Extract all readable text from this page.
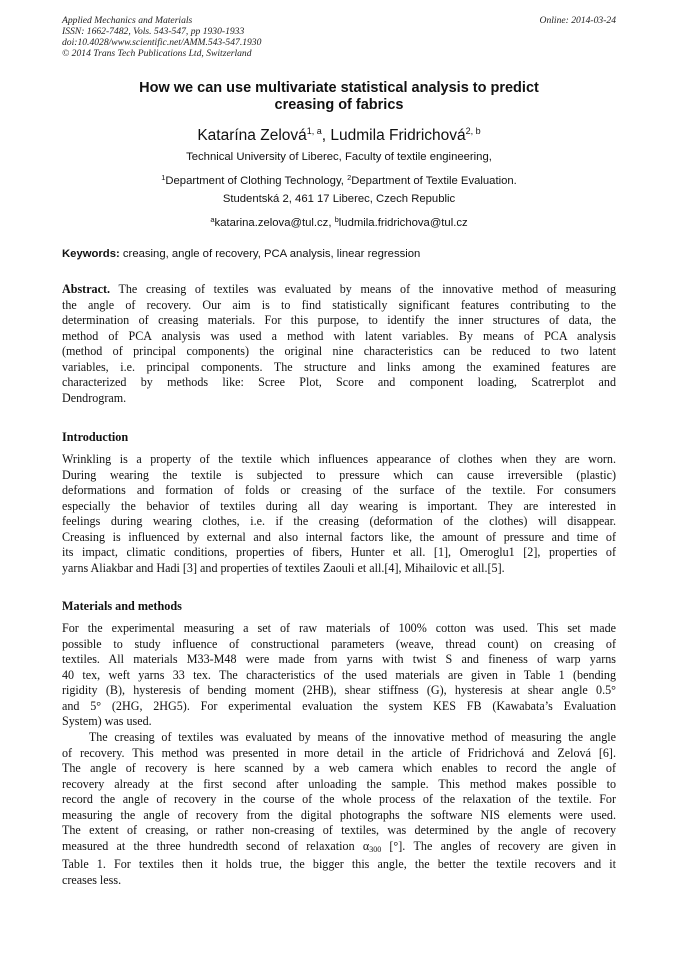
Applied Mechanics and Materials
ISSN: 1662-7482, Vols. 543-547, pp 1930-1933
doi:10.4028/www.scientific.net/AMM.543-547.1930
© 2014 Trans Tech Publications Ltd, Switzerland
Online: 2014-03-24
How we can use multivariate statistical analysis to predict
creasing of fabrics
Katarína Zelová$^{1, a}$, Ludmila Fridrichová$^{2, b}$
Technical University of Liberec, Faculty of textile engineering,
$^1$Department of Clothing Technology, $^2$Department of Textile Evaluation.
Studentská 2, 461 17 Liberec, Czech Republic
$^a$katarina.zelova@tul.cz, $^b$ludmila.fridrichova@tul.cz
Keywords: creasing, angle of recovery, PCA analysis, linear regression
Abstract. The creasing of textiles was evaluated by means of the innovative method of measuring
the angle of recovery. Our aim is to find statistically significant features contributing to the
determination of creasing materials. For this purpose, to identify the inner structures of data, the
method of PCA analysis was used a method with latent variables. By means of PCA analysis
(method of principal components) the original nine characteristics can be reduced to two latent
variables, i.e. principal components. The structure and links among the examined features are
characterized by methods like: Scree Plot, Score and component loading, Scatrerplot and
Dendrogram.
Introduction
Wrinkling is a property of the textile which influences appearance of clothes when they are worn.
During wearing the textile is subjected to pressure which can cause irreversible (plastic)
deformations and formation of folds or creasing of the surface of the textile. For consumers
especially the behavior of textiles during all day wearing is important. They are interested in
feelings during wearing clothes, i.e. if the creasing (deformation of the clothes) will disappear.
Creasing is influenced by external and also internal factors like, the amount of pressure and time of
its impact, climatic conditions, properties of fibers, Hunter et all. [1], Omeroglu1 [2], properties of
yarns Aliakbar and Hadi [3] and properties of textiles Zaouli et all.[4], Mihailovic et all.[5].
Materials and methods
For the experimental measuring a set of raw materials of 100% cotton was used. This set made
possible to study influence of constructional parameters (weave, thread count) on creasing of
textiles. All materials M33-M48 were made from yarns with twist S and fineness of warp yarns
40 tex, weft yarns 33 tex. The characteristics of the used materials are given in Table 1 (bending
rigidity (B), hysteresis of bending moment (2HB), shear stiffness (G), hysteresis at shear angle 0.5°
and 5° (2HG, 2HG5). For experimental evaluation the system KES FB (Kawabata’s Evaluation
System) was used.
The creasing of textiles was evaluated by means of the innovative method of measuring the angle
of recovery. This method was presented in more detail in the article of Fridrichová and Zelová [6].
The angle of recovery is here scanned by a web camera which enables to record the angle of
recovery already at the first second after unloading the sample. This method makes possible to
record the angle of recovery in the course of the whole process of the relaxation of the textile. For
measuring the angle of recovery from the digital photographs the software NIS elements were used.
The extent of creasing, or rather non-creasing of textiles, was determined by the angle of recovery
measured at the three hundredth second of relaxation $\alpha_{300}$ [°]. The angles of recovery are given in
Table 1. For textiles then it holds true, the bigger this angle, the better the textile recovers and it
creases less.
